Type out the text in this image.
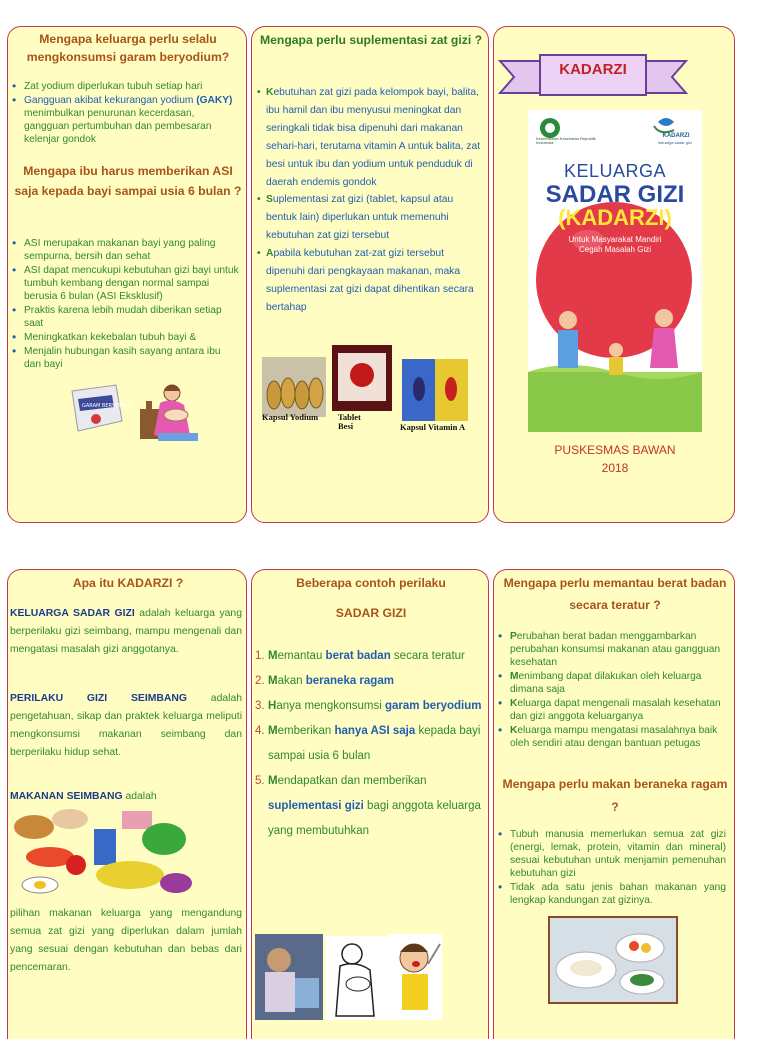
Mengapa keluarga perlu selalu mengkonsumsi garam beryodium?
• Zat yodium diperlukan tubuh setiap hari
• Gangguan akibat kekurangan yodium (GAKY) menimbulkan penurunan kecerdasan, gangguan pertumbuhan dan pembesaran kelenjar gondok
Mengapa ibu harus memberikan ASI saja kepada bayi sampai usia 6 bulan ?
• ASI merupakan makanan bayi yang paling sempurna, bersih dan sehat
• ASI dapat mencukupi kebutuhan gizi bayi untuk tumbuh kembang dengan normal sampai berusia 6 bulan (ASI Eksklusif)
• Praktis karena lebih mudah diberikan setiap saat
• Meningkatkan kekebalan tubuh bayi &
• Menjalin hubungan kasih sayang antara ibu dan bayi
GARAM BERYODIUM
Mengapa perlu suplementasi zat gizi ?

• Kebutuhan zat gizi pada kelompok bayi, balita, ibu hamil dan ibu menyusui meningkat dan seringkali tidak bisa dipenuhi dari makanan sehari-hari, terutama vitamin A untuk balita, zat besi untuk ibu dan yodium untuk penduduk di daerah endemis gondok

• Suplementasi zat gizi (tablet, kapsul atau bentuk lain) diperlukan untuk memenuhi kebutuhan zat gizi tersebut

• Apabila kebutuhan zat-zat gizi tersebut dipenuhi dari pengkayaan makanan, maka suplementasi zat gizi dapat dihentikan secara bertahap

Kapsul Yodium	Tablet Besi	Kapsul Vitamin A
KADARZI
Kementerian Kesehatan Republik Indonesia
KADARZI
keluarga sadar gizi
KELUARGA
SADAR GIZI
(KADARZI)
Untuk Masyarakat Mandiri
Cegah Masalah Gizi
PUSKESMAS BAWAN
2018
Apa itu KADARZI ?
KELUARGA SADAR GIZI adalah keluarga yang berperilaku gizi seimbang, mampu mengenali dan mengatasi masalah gizi anggotanya.
PERILAKU GIZI SEIMBANG adalah pengetahuan, sikap dan praktek keluarga meliputi mengkonsumsi makanan seimbang dan berperilaku hidup sehat.
MAKANAN SEIMBANG adalah
pilihan makanan keluarga yang mengandung semua zat gizi yang diperlukan dalam jumlah yang sesuai dengan kebutuhan dan bebas dari pencemaran.
Beberapa contoh perilaku
SADAR GIZI
1. Memantau berat badan secara teratur
2. Makan beraneka ragam
3. Hanya mengkonsumsi garam beryodium
4. Memberikan hanya ASI saja kepada bayi sampai usia 6 bulan
5. Mendapatkan dan memberikan suplementasi gizi bagi anggota keluarga yang membutuhkan
Mengapa perlu memantau berat badan secara teratur ?
• Perubahan berat badan menggambarkan perubahan konsumsi makanan atau gangguan kesehatan
• Menimbang dapat dilakukan oleh keluarga dimana saja
• Keluarga dapat mengenali masalah kesehatan dan gizi anggota keluarganya
• Keluarga mampu mengatasi masalahnya baik oleh sendiri atau dengan bantuan petugas
Mengapa perlu makan beraneka ragam ?
• Tubuh manusia memerlukan semua zat gizi (energi, lemak, protein, vitamin dan mineral) sesuai kebutuhan untuk menjamin pemenuhan kebutuhan gizi
• Tidak ada satu jenis bahan makanan yang lengkap kandungan zat gizinya.
